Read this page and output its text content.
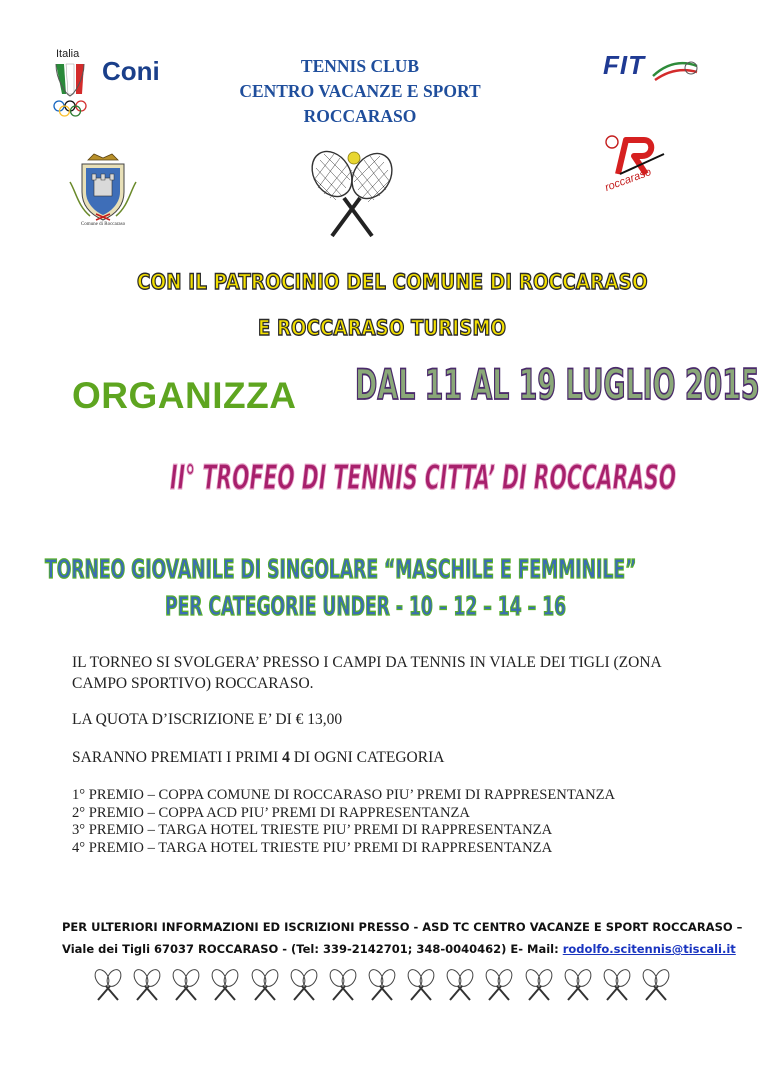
Italia
Coni	TENNIS CLUB
CENTRO VACANZE E SPORT
ROCCARASO
FIT
roccaraso
Comune di Roccaraso
CON IL PATROCINIO DEL COMUNE DI ROCCARASO
E ROCCARASO TURISMO
ORGANIZZA DAL 11 AL 19 LUGLIO 2015
II° TROFEO DI TENNIS CITTA’ DI ROCCARASO
TORNEO GIOVANILE DI SINGOLARE “MASCHILE E FEMMINILE”
PER CATEGORIE UNDER - 10 – 12 – 14 – 16
IL TORNEO SI SVOLGERA’ PRESSO I CAMPI DA TENNIS IN VIALE DEI TIGLI (ZONA CAMPO SPORTIVO) ROCCARASO.
LA QUOTA D’ISCRIZIONE E’ DI € 13,00
SARANNO PREMIATI I PRIMI 4 DI OGNI CATEGORIA
1° PREMIO – COPPA COMUNE DI ROCCARASO PIU’ PREMI DI RAPPRESENTANZA
2° PREMIO – COPPA ACD PIU’ PREMI DI RAPPRESENTANZA
3° PREMIO – TARGA HOTEL TRIESTE PIU’ PREMI DI RAPPRESENTANZA
4° PREMIO – TARGA HOTEL TRIESTE PIU’ PREMI DI RAPPRESENTANZA
PER ULTERIORI INFORMAZIONI ED ISCRIZIONI PRESSO - ASD TC CENTRO VACANZE E SPORT ROCCARASO –
Viale dei Tigli 67037 ROCCARASO - (Tel: 339-2142701; 348-0040462) E- Mail: rodolfo.scitennis@tiscali.it
